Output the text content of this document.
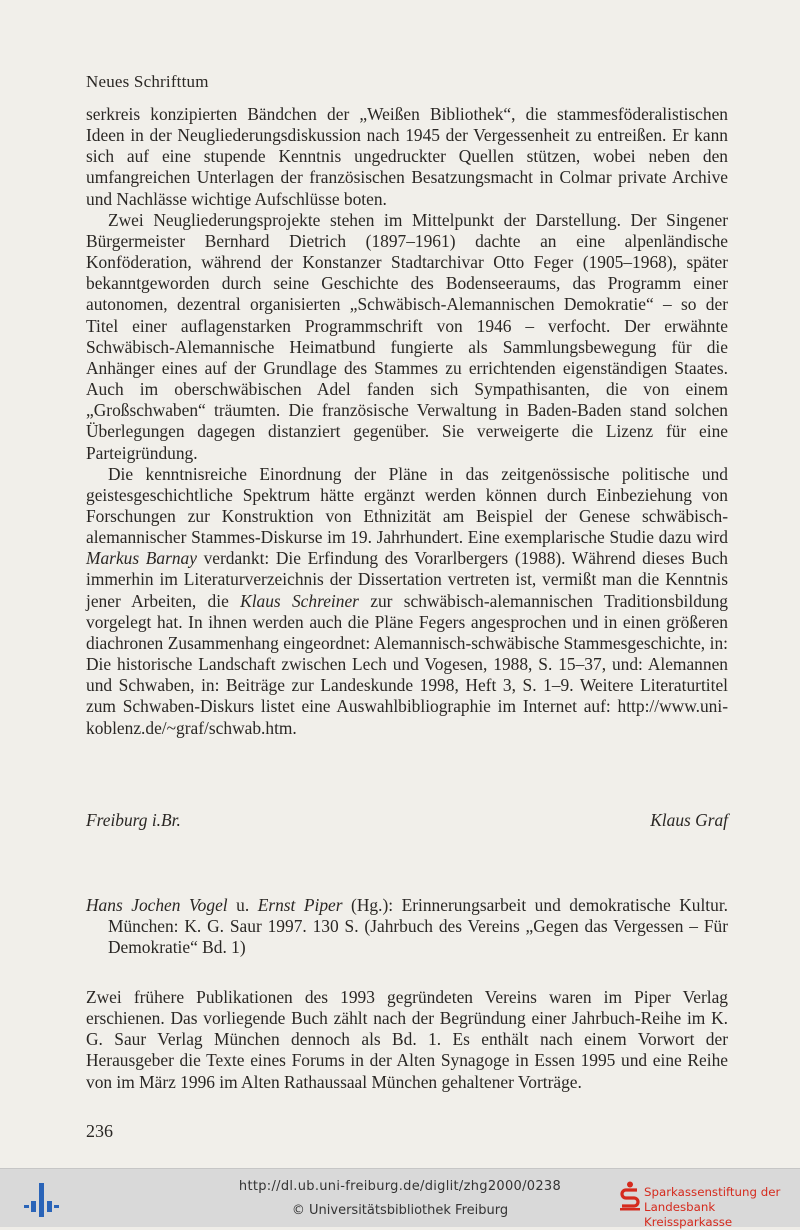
Neues Schrifttum

serkreis konzipierten Bändchen der „Weißen Bibliothek“, die stammesföderalistischen Ideen in der Neugliederungsdiskussion nach 1945 der Vergessenheit zu entreißen. Er kann sich auf eine stupende Kenntnis ungedruckter Quellen stützen, wobei neben den umfangreichen Unterlagen der französischen Besatzungsmacht in Colmar private Archive und Nachlässe wichtige Aufschlüsse boten.

Zwei Neugliederungsprojekte stehen im Mittelpunkt der Darstellung. Der Singener Bürgermeister Bernhard Dietrich (1897–1961) dachte an eine alpenländische Konföderation, während der Konstanzer Stadtarchivar Otto Feger (1905–1968), später bekanntgeworden durch seine Geschichte des Bodenseeraums, das Programm einer autonomen, dezentral organisierten „Schwäbisch-Alemannischen Demokratie“ – so der Titel einer auflagenstarken Programmschrift von 1946 – verfocht. Der erwähnte Schwäbisch-Alemannische Heimatbund fungierte als Sammlungsbewegung für die Anhänger eines auf der Grundlage des Stammes zu errichtenden eigenständigen Staates. Auch im oberschwäbischen Adel fanden sich Sympathisanten, die von einem „Großschwaben“ träumten. Die französische Verwaltung in Baden-Baden stand solchen Überlegungen dagegen distanziert gegenüber. Sie verweigerte die Lizenz für eine Parteigründung.

Die kenntnisreiche Einordnung der Pläne in das zeitgenössische politische und geistesgeschichtliche Spektrum hätte ergänzt werden können durch Einbeziehung von Forschungen zur Konstruktion von Ethnizität am Beispiel der Genese schwäbisch-alemannischer Stammes-Diskurse im 19. Jahrhundert. Eine exemplarische Studie dazu wird Markus Barnay verdankt: Die Erfindung des Vorarlbergers (1988). Während dieses Buch immerhin im Literaturverzeichnis der Dissertation vertreten ist, vermißt man die Kenntnis jener Arbeiten, die Klaus Schreiner zur schwäbisch-alemannischen Traditionsbildung vorgelegt hat. In ihnen werden auch die Pläne Fegers angesprochen und in einen größeren diachronen Zusammenhang eingeordnet: Alemannisch-schwäbische Stammesgeschichte, in: Die historische Landschaft zwischen Lech und Vogesen, 1988, S. 15–37, und: Alemannen und Schwaben, in: Beiträge zur Landeskunde 1998, Heft 3, S. 1–9. Weitere Literaturtitel zum Schwaben-Diskurs listet eine Auswahlbibliographie im Internet auf: http://www.uni-koblenz.de/~graf/schwab.htm.

Freiburg i.Br.	Klaus Graf
Hans Jochen Vogel u. Ernst Piper (Hg.): Erinnerungsarbeit und demokratische Kultur. München: K. G. Saur 1997. 130 S. (Jahrbuch des Vereins „Gegen das Vergessen – Für Demokratie“ Bd. 1)

Zwei frühere Publikationen des 1993 gegründeten Vereins waren im Piper Verlag erschienen. Das vorliegende Buch zählt nach der Begründung einer Jahrbuch-Reihe im K. G. Saur Verlag München dennoch als Bd. 1. Es enthält nach einem Vorwort der Herausgeber die Texte eines Forums in der Alten Synagoge in Essen 1995 und eine Reihe von im März 1996 im Alten Rathaussaal München gehaltener Vorträge.

236
http://dl.ub.uni-freiburg.de/diglit/zhg2000/0238
© Universitätsbibliothek Freiburg
Sparkassenstiftung der
Landesbank Kreissparkasse
